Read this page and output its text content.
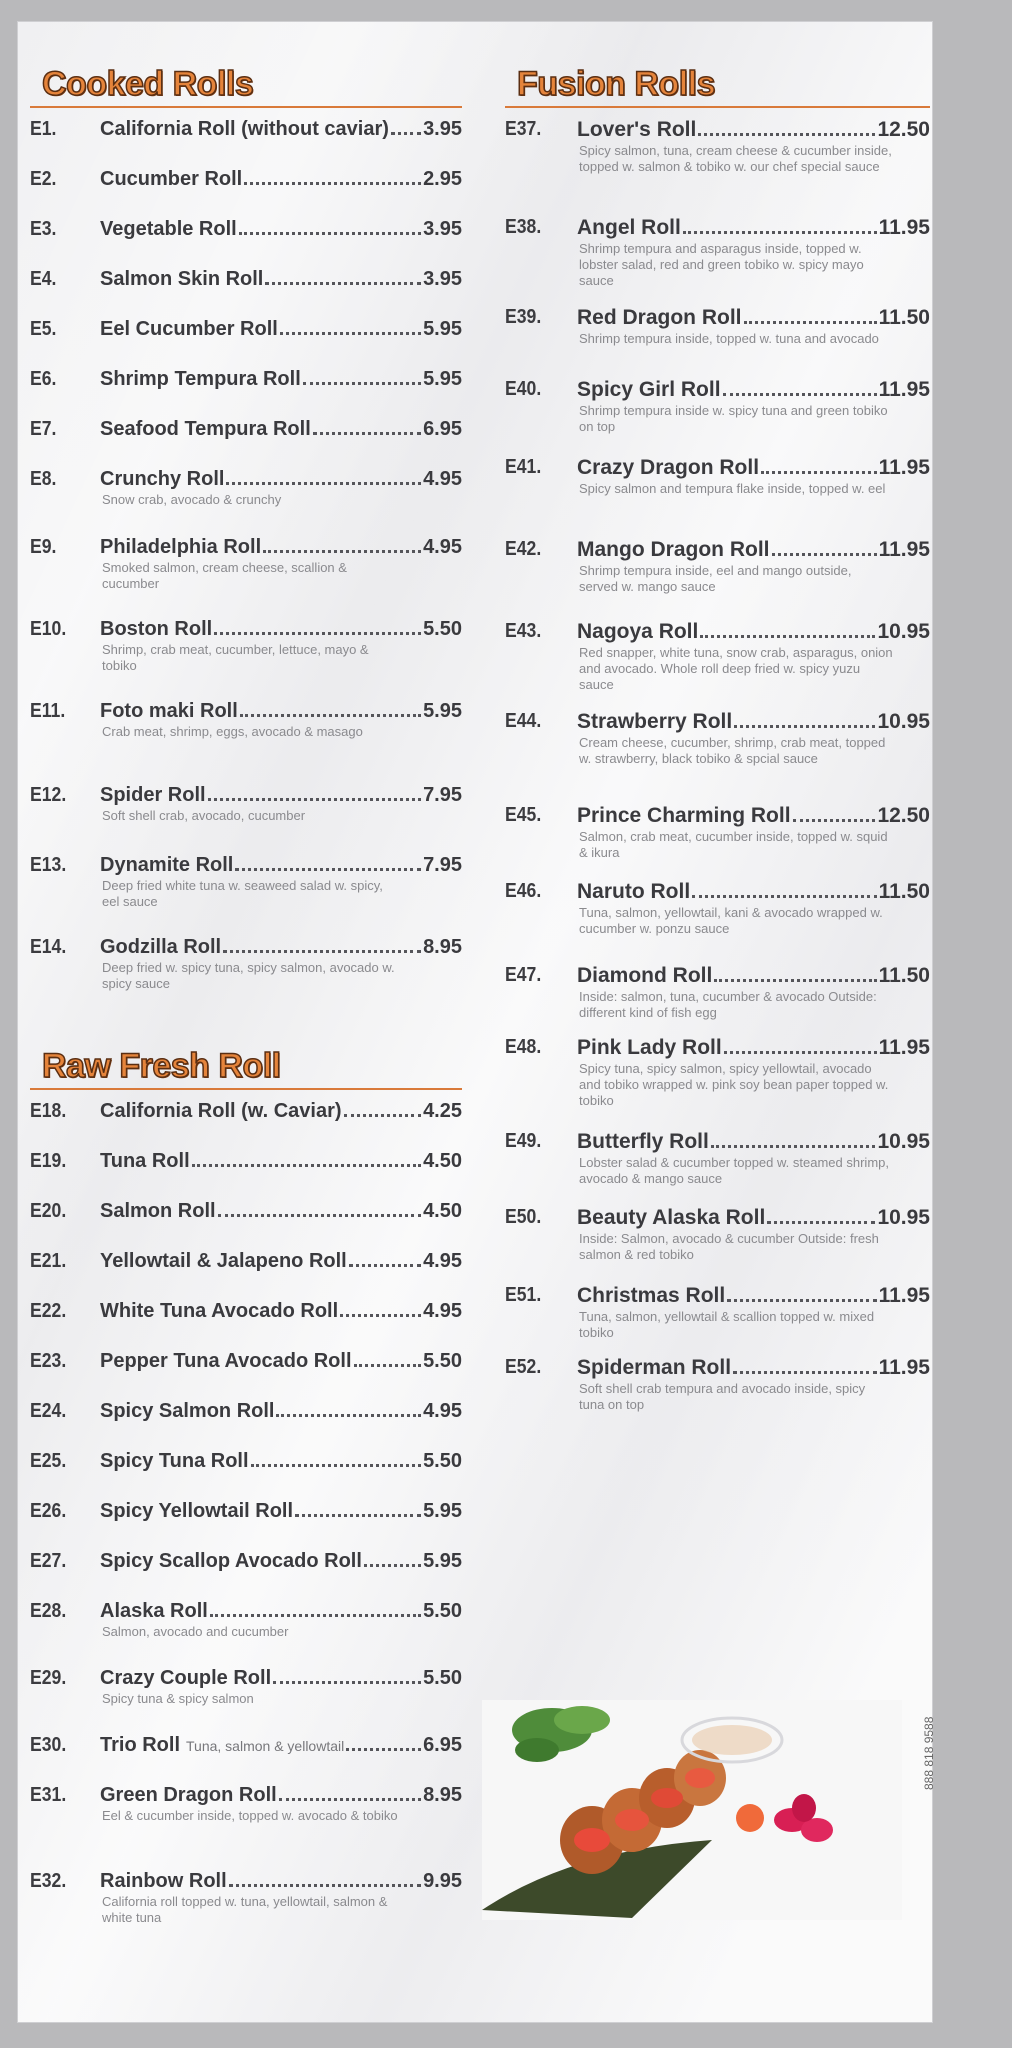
Cooked Rolls
E1.	California Roll (without caviar) 3.95
E2.	Cucumber Roll	2.95
E3.	Vegetable Roll	3.95
E4.	Salmon Skin Roll	3.95
E5.	Eel Cucumber Roll	5.95
E6.	Shrimp Tempura Roll	5.95
E7.	Seafood Tempura Roll	6.95
E8.	Crunchy Roll	4.95
Snow crab, avocado & crunchy
E9.	Philadelphia Roll	4.95
Smoked salmon, cream cheese, scallion & cucumber
E10.	Boston Roll	5.50
Shrimp, crab meat, cucumber, lettuce, mayo & tobiko
E11.	Foto maki Roll	5.95
Crab meat, shrimp, eggs, avocado & masago
E12.	Spider Roll	7.95
Soft shell crab, avocado, cucumber
E13.	Dynamite Roll	7.95
Deep fried white tuna w. seaweed salad w. spicy, eel sauce
E14.	Godzilla Roll	8.95
Deep fried w. spicy tuna, spicy salmon, avocado w. spicy sauce
Raw Fresh Roll
E18.	California Roll (w. Caviar)	4.25
E19.	Tuna Roll	4.50
E20.	Salmon Roll	4.50
E21.	Yellowtail & Jalapeno Roll	4.95
E22.	White Tuna Avocado Roll	4.95
E23.	Pepper Tuna Avocado Roll	5.50
E24.	Spicy Salmon Roll	4.95
E25.	Spicy Tuna Roll	5.50
E26.	Spicy Yellowtail Roll	5.95
E27.	Spicy Scallop Avocado Roll	5.95
E28.	Alaska Roll	5.50
Salmon, avocado and cucumber
E29.	Crazy Couple Roll	5.50
Spicy tuna & spicy salmon
E30.	Trio Roll Tuna, salmon & yellowtail	6.95
E31.	Green Dragon Roll	8.95
Eel & cucumber inside, topped w. avocado & tobiko
E32.	Rainbow Roll	9.95
California roll topped w. tuna, yellowtail, salmon & white tuna
Fusion Rolls
E37.	Lover's Roll	12.50
Spicy salmon, tuna, cream cheese & cucumber inside, topped w. salmon & tobiko w. our chef special sauce
E38.	Angel Roll	11.95
Shrimp tempura and asparagus inside, topped w. lobster salad, red and green tobiko w. spicy mayo sauce
E39.	Red Dragon Roll	11.50
Shrimp tempura inside, topped w. tuna and avocado
E40.	Spicy Girl Roll	11.95
Shrimp tempura inside w. spicy tuna and green tobiko on top
E41.	Crazy Dragon Roll	11.95
Spicy salmon and tempura flake inside, topped w. eel
E42.	Mango Dragon Roll	11.95
Shrimp tempura inside, eel and mango outside, served w. mango sauce
E43.	Nagoya Roll	10.95
Red snapper, white tuna, snow crab, asparagus, onion and avocado. Whole roll deep fried w. spicy yuzu sauce
E44.	Strawberry Roll	10.95
Cream cheese, cucumber, shrimp, crab meat, topped w. strawberry, black tobiko & spcial sauce
E45.	Prince Charming Roll	12.50
Salmon, crab meat, cucumber inside, topped w. squid & ikura
E46.	Naruto Roll	11.50
Tuna, salmon, yellowtail, kani & avocado wrapped w. cucumber w. ponzu sauce
E47.	Diamond Roll	11.50
Inside: salmon, tuna, cucumber & avocado Outside: different kind of fish egg
E48.	Pink Lady Roll	11.95
Spicy tuna, spicy salmon, spicy yellowtail, avocado and tobiko wrapped w. pink soy bean paper topped w. tobiko
E49.	Butterfly Roll	10.95
Lobster salad & cucumber topped w. steamed shrimp, avocado & mango sauce
E50.	Beauty Alaska Roll	10.95
Inside: Salmon, avocado & cucumber Outside: fresh salmon & red tobiko
E51.	Christmas Roll	11.95
Tuna, salmon, yellowtail & scallion topped w. mixed tobiko
E52.	Spiderman Roll	11.95
Soft shell crab tempura and avocado inside, spicy tuna on top
888 818 9588
